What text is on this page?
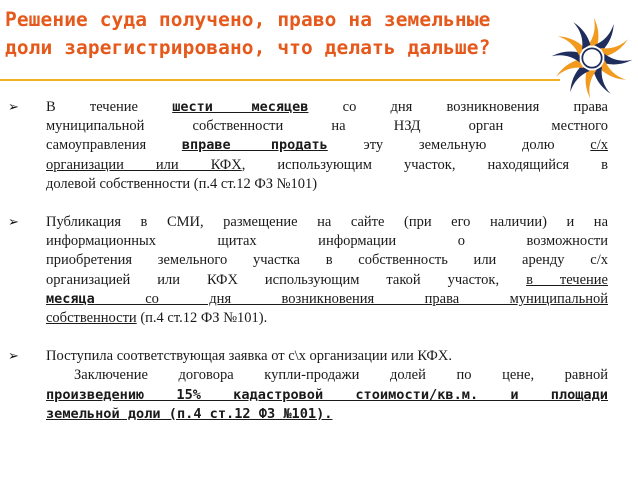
Решение суда получено, право на земельные
доли зарегистрировано, что делать дальше?
➢ В течение шести месяцев со дня возникновения права
муниципальной собственности на НЗД орган местного
самоуправления вправе продать эту земельную долю с/х
организации или КФХ, использующим участок, находящийся в
долевой собственности (п.4 ст.12 ФЗ №101)
➢ Публикация в СМИ, размещение на сайте (при его наличии) и на
информационных щитах информации о возможности
приобретения земельного участка в собственность или аренду с/х
организацией или КФХ использующим такой участок, в течение
месяца со дня возникновения права муниципальной
собственности (п.4 ст.12 ФЗ №101).
➢ Поступила соответствующая заявка от с\х организации или КФХ.
Заключение договора купли-продажи долей по цене, равной
произведению 15% кадастровой стоимости/кв.м. и площади
земельной доли (п.4 ст.12 ФЗ №101).
